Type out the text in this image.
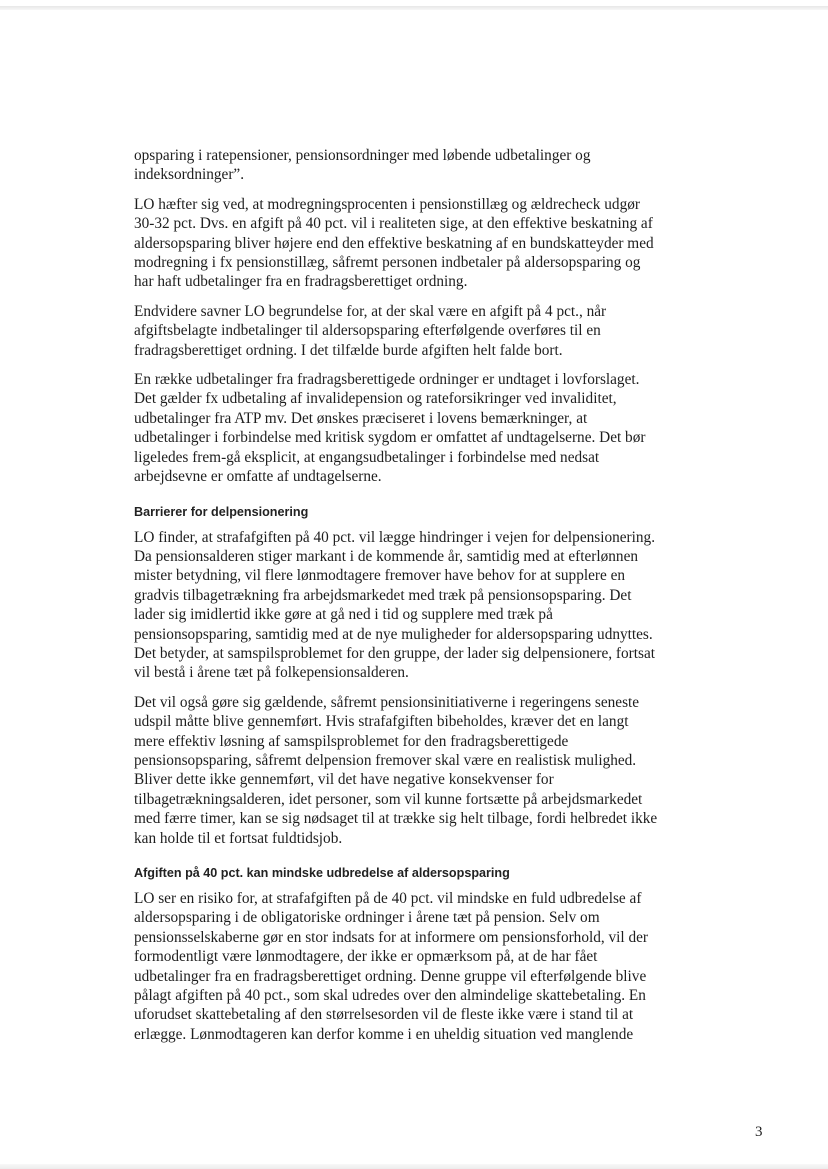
opsparing i ratepensioner, pensionsordninger med løbende udbetalinger og
indeksordninger”.

LO hæfter sig ved, at modregningsprocenten i pensionstillæg og ældrecheck udgør
30-32 pct. Dvs. en afgift på 40 pct. vil i realiteten sige, at den effektive beskatning af
aldersopsparing bliver højere end den effektive beskatning af en bundskatteyder med
modregning i fx pensionstillæg, såfremt personen indbetaler på aldersopsparing og
har haft udbetalinger fra en fradragsberettiget ordning.

Endvidere savner LO begrundelse for, at der skal være en afgift på 4 pct., når
afgiftsbelagte indbetalinger til aldersopsparing efterfølgende overføres til en
fradragsberettiget ordning. I det tilfælde burde afgiften helt falde bort.

En række udbetalinger fra fradragsberettigede ordninger er undtaget i lovforslaget.
Det gælder fx udbetaling af invalidepension og rateforsikringer ved invaliditet,
udbetalinger fra ATP mv. Det ønskes præciseret i lovens bemærkninger, at
udbetalinger i forbindelse med kritisk sygdom er omfattet af undtagelserne. Det bør
ligeledes frem-gå eksplicit, at engangsudbetalinger i forbindelse med nedsat
arbejdsevne er omfatte af undtagelserne.

Barrierer for delpensionering

LO finder, at strafafgiften på 40 pct. vil lægge hindringer i vejen for delpensionering.
Da pensionsalderen stiger markant i de kommende år, samtidig med at efterlønnen
mister betydning, vil flere lønmodtagere fremover have behov for at supplere en
gradvis tilbagetrækning fra arbejdsmarkedet med træk på pensionsopsparing. Det
lader sig imidlertid ikke gøre at gå ned i tid og supplere med træk på
pensionsopsparing, samtidig med at de nye muligheder for aldersopsparing udnyttes.
Det betyder, at samspilsproblemet for den gruppe, der lader sig delpensionere, fortsat
vil bestå i årene tæt på folkepensionsalderen.

Det vil også gøre sig gældende, såfremt pensionsinitiativerne i regeringens seneste
udspil måtte blive gennemført. Hvis strafafgiften bibeholdes, kræver det en langt
mere effektiv løsning af samspilsproblemet for den fradragsberettigede
pensionsopsparing, såfremt delpension fremover skal være en realistisk mulighed.
Bliver dette ikke gennemført, vil det have negative konsekvenser for
tilbagetrækningsalderen, idet personer, som vil kunne fortsætte på arbejdsmarkedet
med færre timer, kan se sig nødsaget til at trække sig helt tilbage, fordi helbredet ikke
kan holde til et fortsat fuldtidsjob.

Afgiften på 40 pct. kan mindske udbredelse af aldersopsparing

LO ser en risiko for, at strafafgiften på de 40 pct. vil mindske en fuld udbredelse af
aldersopsparing i de obligatoriske ordninger i årene tæt på pension. Selv om
pensionsselskaberne gør en stor indsats for at informere om pensionsforhold, vil der
formodentligt være lønmodtagere, der ikke er opmærksom på, at de har fået
udbetalinger fra en fradragsberettiget ordning. Denne gruppe vil efterfølgende blive
pålagt afgiften på 40 pct., som skal udredes over den almindelige skattebetaling. En
uforudset skattebetaling af den størrelsesorden vil de fleste ikke være i stand til at
erlægge. Lønmodtageren kan derfor komme i en uheldig situation ved manglende

3
